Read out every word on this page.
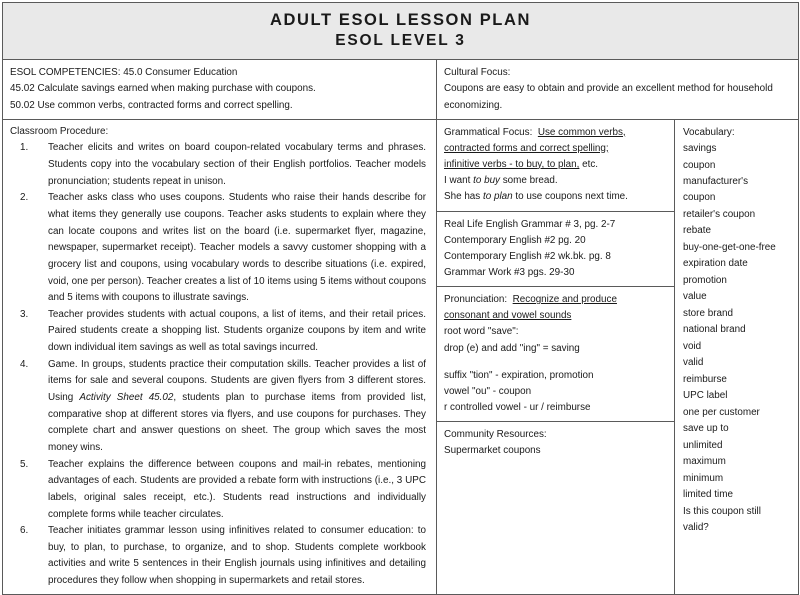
ADULT ESOL LESSON PLAN
ESOL LEVEL 3		

ESOL COMPETENCIES: 45.0 Consumer Education

45.02 Calculate savings earned when making purchase with coupons.

50.02 Use common verbs, contracted forms and correct spelling.

Cultural Focus:

Coupons are easy to obtain and provide an excellent method for household economizing.

Classroom Procedure:

1.	Teacher elicits and writes on board coupon-related vocabulary terms and phrases. Students copy into the vocabulary section of their English portfolios. Teacher models pronunciation; students repeat in unison.
2.	Teacher asks class who uses coupons. Students who raise their hands describe for what items they generally use coupons. Teacher asks students to explain where they can locate coupons and writes list on the board (i.e. supermarket flyer, magazine, newspaper, supermarket receipt). Teacher models a savvy customer shopping with a grocery list and coupons, using vocabulary words to describe situations (i.e. expired, void, one per person). Teacher creates a list of 10 items using 5 items without coupons and 5 items with coupons to illustrate savings.
3.	Teacher provides students with actual coupons, a list of items, and their retail prices. Paired students create a shopping list. Students organize coupons by item and write down individual item savings as well as total savings incurred.
4.	Game. In groups, students practice their computation skills. Teacher provides a list of items for sale and several coupons. Students are given flyers from 3 different stores. Using Activity Sheet 45.02, students plan to purchase items from provided list, comparative shop at different stores via flyers, and use coupons for purchases. They complete chart and answer questions on sheet. The group which saves the most money wins.
5.	Teacher explains the difference between coupons and mail-in rebates, mentioning advantages of each. Students are provided a rebate form with instructions (i.e., 3 UPC labels, original sales receipt, etc.). Students read instructions and individually complete forms while teacher circulates.
6.	Teacher initiates grammar lesson using infinitives related to consumer education: to buy, to plan, to purchase, to organize, and to shop. Students complete workbook activities and write 5 sentences in their English journals using infinitives and detailing procedures they follow when shopping in supermarkets and retail stores.

Grammatical Focus: Use common verbs,

contracted forms and correct spelling;

infinitive verbs - to buy, to plan, etc.

I want to buy some bread.

She has to plan to use coupons next time.

Real Life English Grammar # 3, pg. 2-7

Contemporary English #2 pg. 20

Contemporary English #2 wk.bk. pg. 8

Grammar Work #3 pgs. 29-30

Pronunciation: Recognize and produce

consonant and vowel sounds

root word "save":

drop (e) and add "ing" = saving

suffix "tion" - expiration, promotion

vowel "ou" - coupon

r controlled vowel - ur / reimburse

Community Resources:

Supermarket coupons

Vocabulary:

savings
coupon
manufacturer's
coupon
retailer's coupon
rebate
buy-one-get-one-free
expiration date
promotion
value
store brand
national brand
void
valid
reimburse
UPC label
one per customer
save up to
unlimited
maximum
minimum
limited time
Is this coupon still
valid?
